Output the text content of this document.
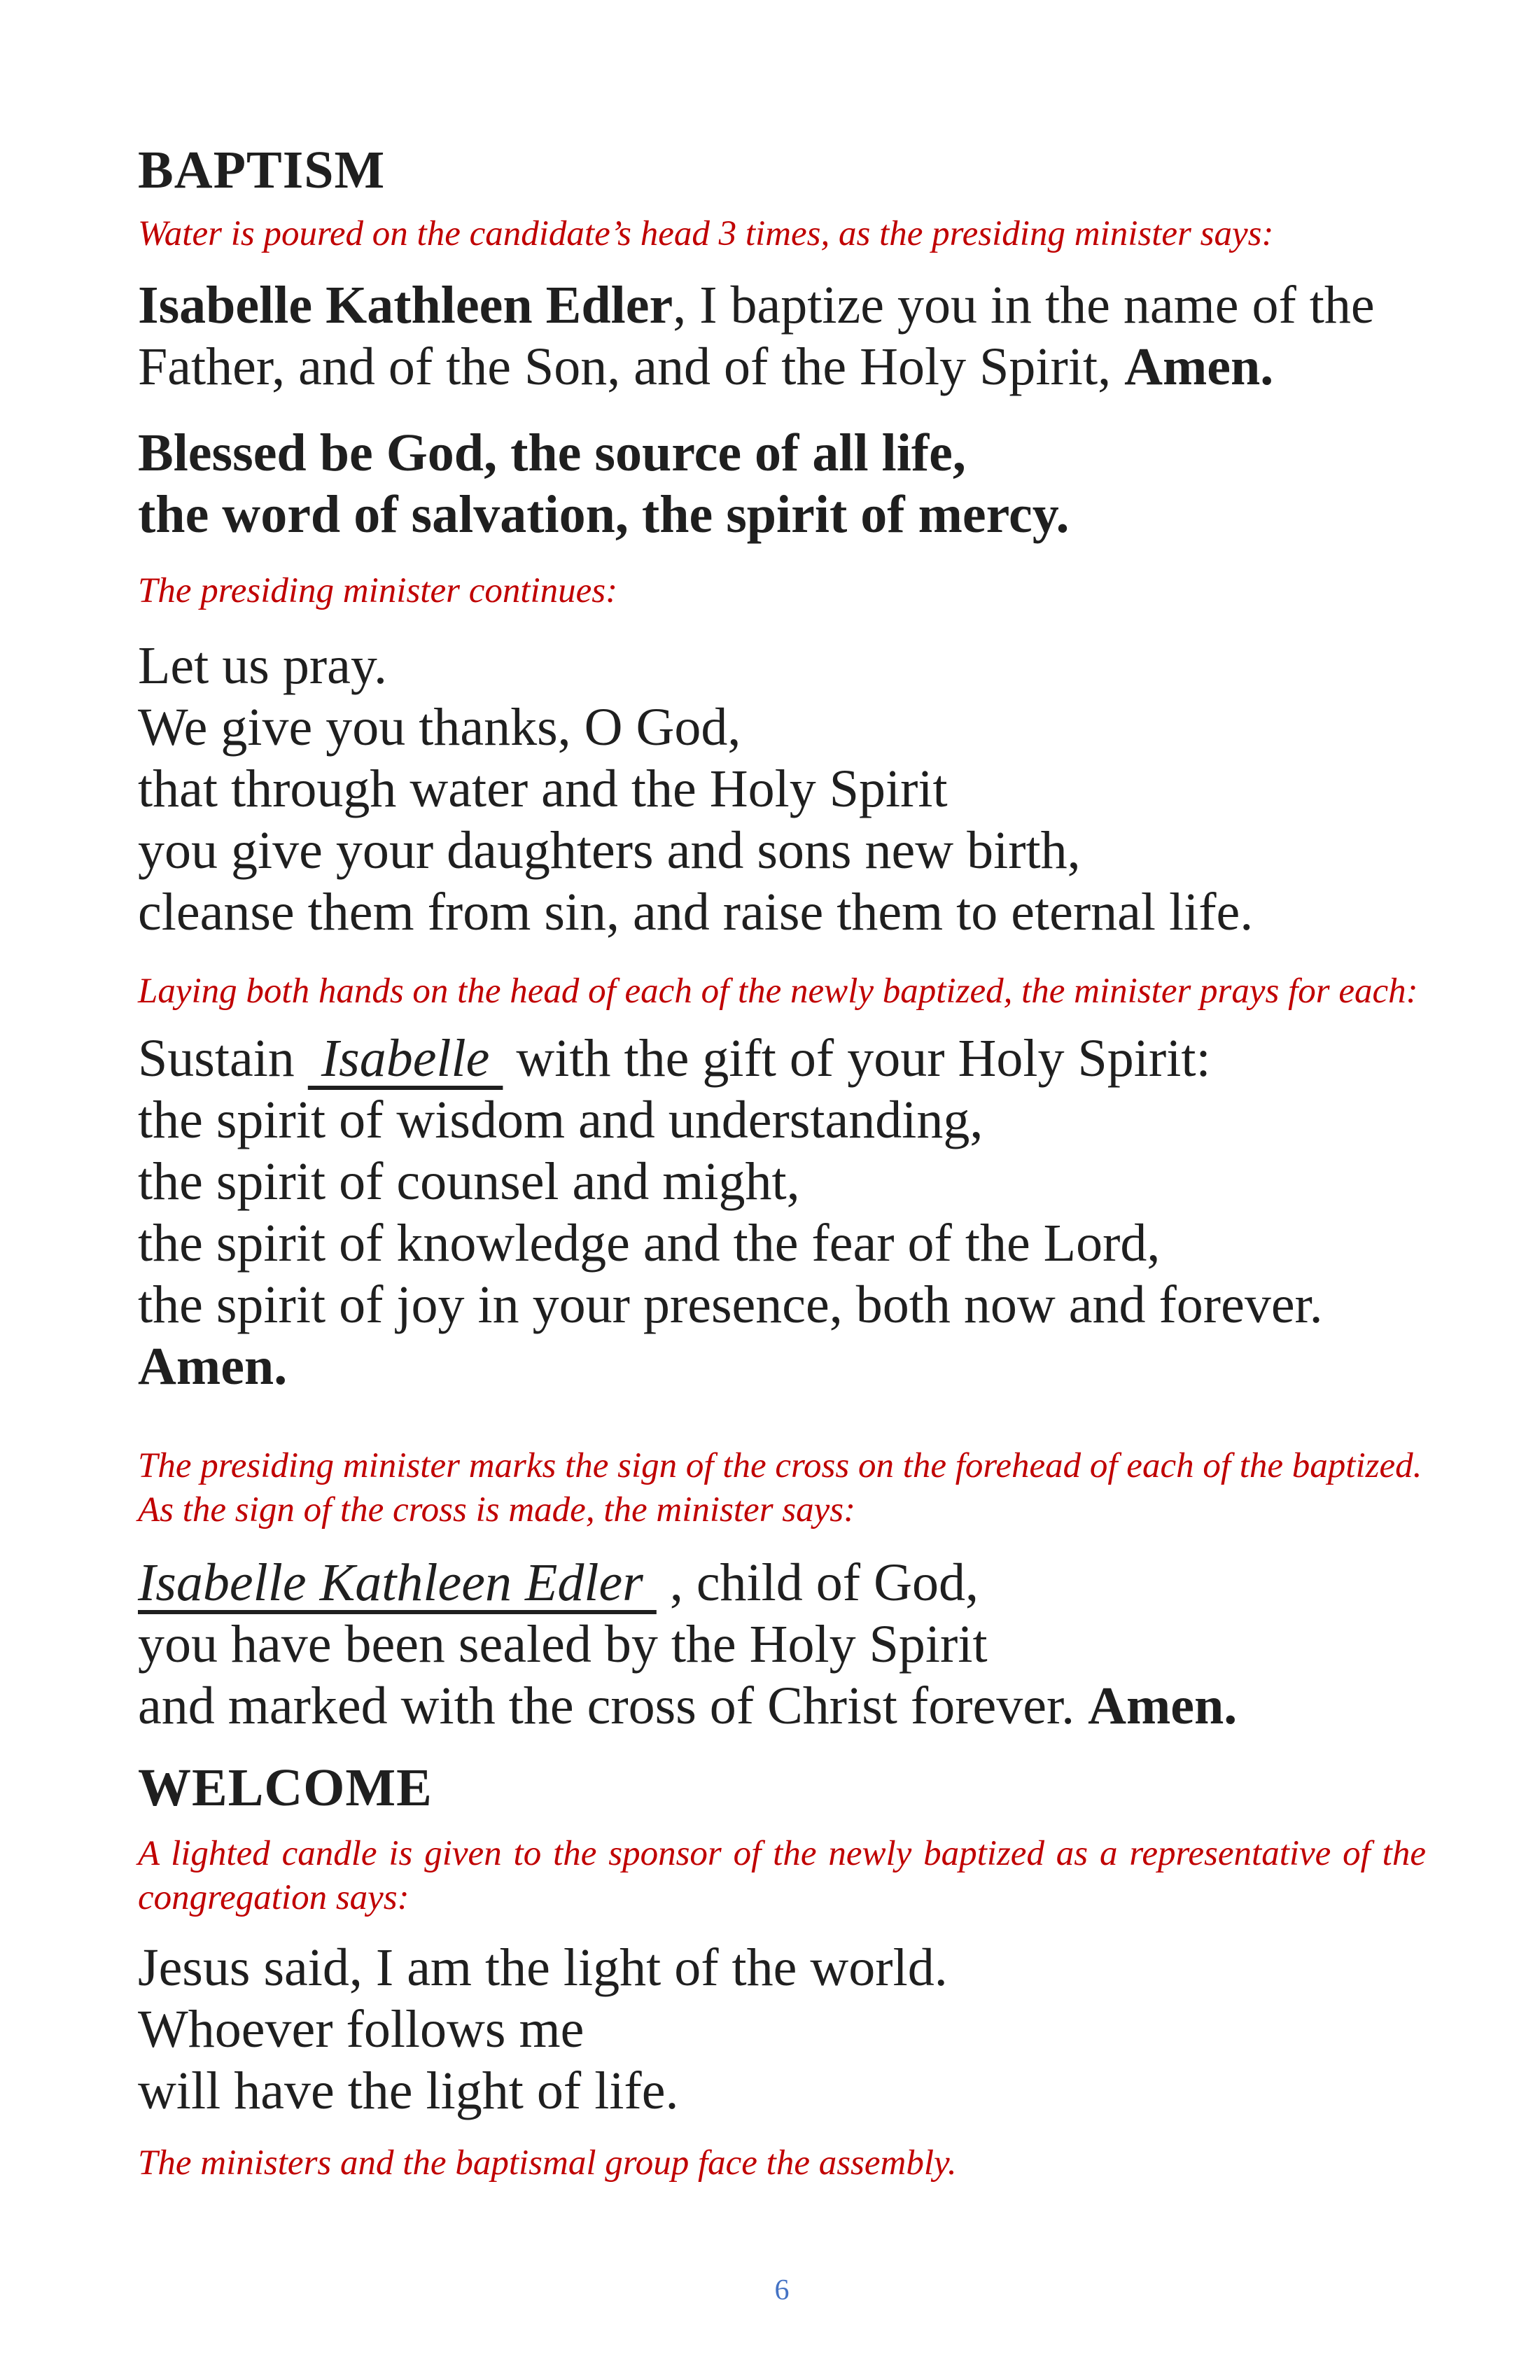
BAPTISM
Water is poured on the candidate’s head 3 times, as the presiding minister says:
Isabelle Kathleen Edler, I baptize you in the name of the
Father, and of the Son, and of the Holy Spirit, Amen.
Blessed be God, the source of all life,
the word of salvation, the spirit of mercy.
The presiding minister continues:
Let us pray.
We give you thanks, O God,
that through water and the Holy Spirit
you give your daughters and sons new birth,
cleanse them from sin, and raise them to eternal life.
Laying both hands on the head of each of the newly baptized, the minister prays for each:
Sustain  Isabelle  with the gift of your Holy Spirit:
the spirit of wisdom and understanding,
the spirit of counsel and might,
the spirit of knowledge and the fear of the Lord,
the spirit of joy in your presence, both now and forever.
Amen.
The presiding minister marks the sign of the cross on the forehead of each of the baptized.
As the sign of the cross is made, the minister says:
Isabelle Kathleen Edler  , child of God,
you have been sealed by the Holy Spirit
and marked with the cross of Christ forever. Amen.
WELCOME
A lighted candle is given to the sponsor of the newly baptized as a representative of the
congregation says:
Jesus said, I am the light of the world.
Whoever follows me
will have the light of life.
The ministers and the baptismal group face the assembly.
6
